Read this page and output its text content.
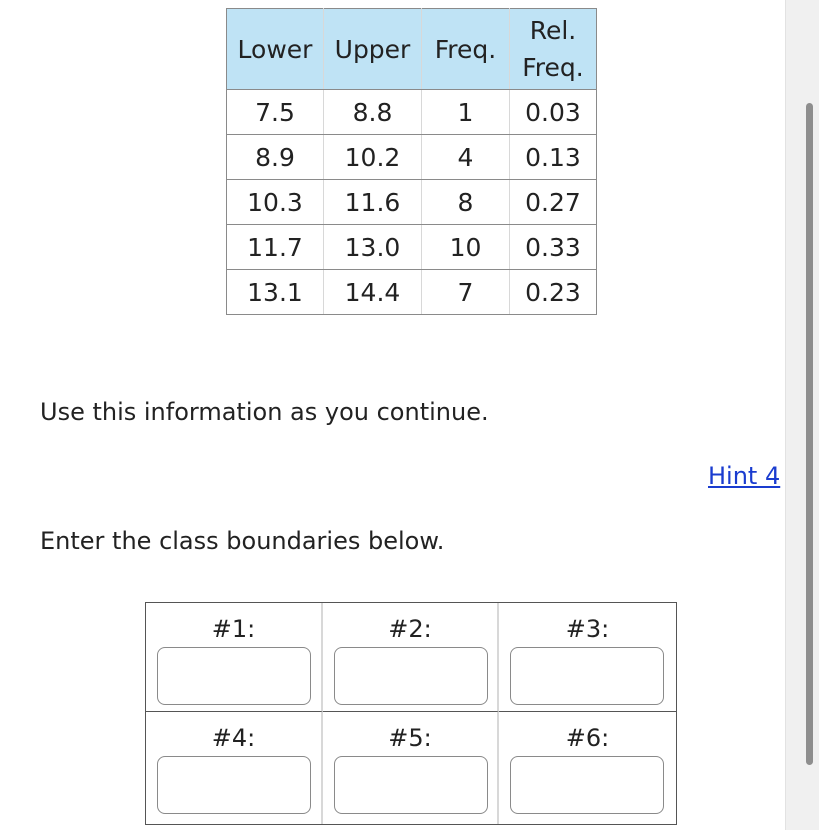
Lower	Upper	Freq.	Rel.
Freq.
7.5	8.8	1	0.03
8.9	10.2	4	0.13
10.3	11.6	8	0.27
11.7	13.0	10	0.33
13.1	14.4	7	0.23

Use this information as you continue.

Hint 4

Enter the class boundaries below.

#1:	#2:	#3:
#4:	#5:	#6:
